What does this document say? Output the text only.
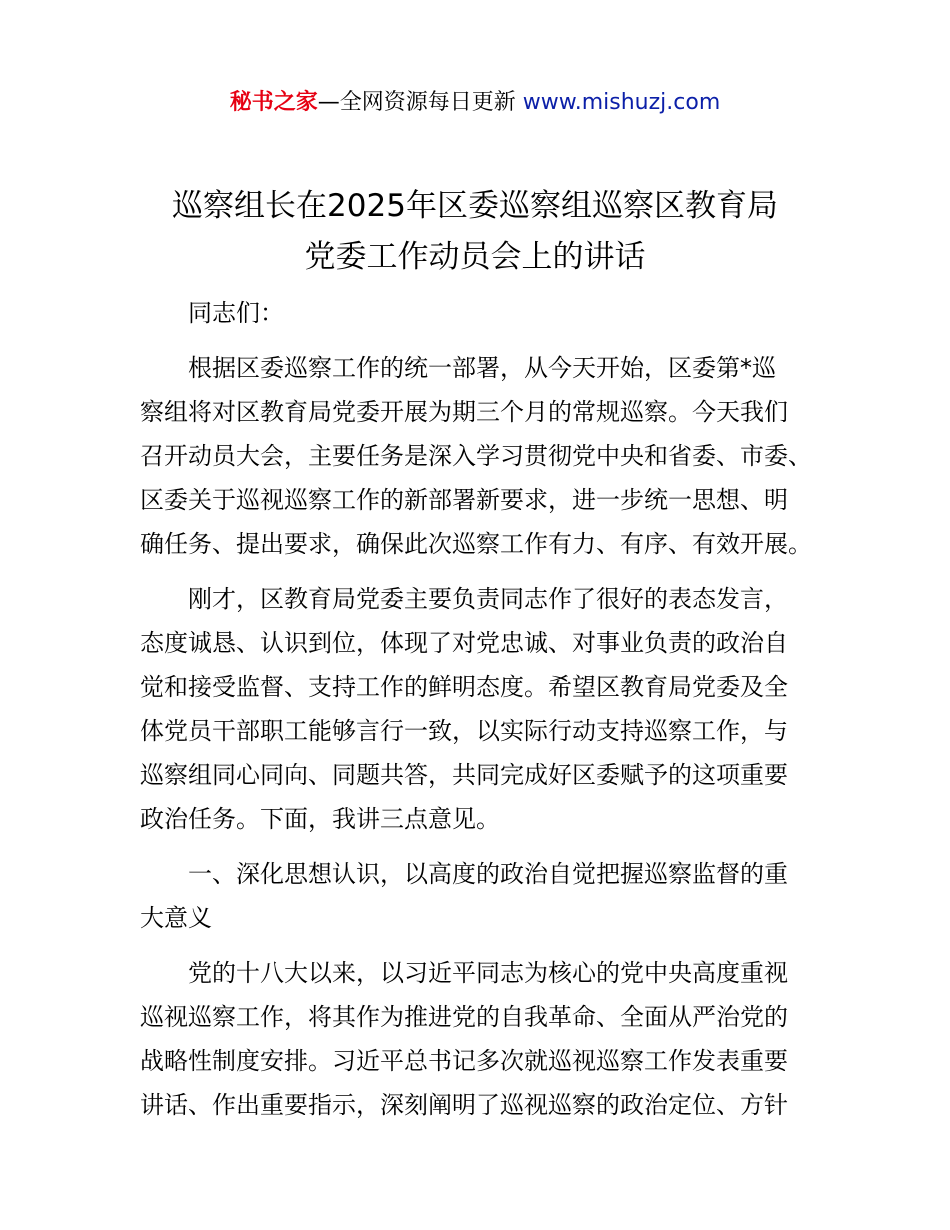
秘书之家—全网资源每日更新 www.mishuzj.com
巡察组长在2025年区委巡察组巡察区教育局
党委工作动员会上的讲话
同志们：
根据区委巡察工作的统一部署，从今天开始，区委第*巡
察组将对区教育局党委开展为期三个月的常规巡察。今天我们
召开动员大会，主要任务是深入学习贯彻党中央和省委、市委、
区委关于巡视巡察工作的新部署新要求，进一步统一思想、明
确任务、提出要求，确保此次巡察工作有力、有序、有效开展。
刚才，区教育局党委主要负责同志作了很好的表态发言，
态度诚恳、认识到位，体现了对党忠诚、对事业负责的政治自
觉和接受监督、支持工作的鲜明态度。希望区教育局党委及全
体党员干部职工能够言行一致，以实际行动支持巡察工作，与
巡察组同心同向、同题共答，共同完成好区委赋予的这项重要
政治任务。下面，我讲三点意见。
一、深化思想认识，以高度的政治自觉把握巡察监督的重
大意义
党的十八大以来，以习近平同志为核心的党中央高度重视
巡视巡察工作，将其作为推进党的自我革命、全面从严治党的
战略性制度安排。习近平总书记多次就巡视巡察工作发表重要
讲话、作出重要指示，深刻阐明了巡视巡察的政治定位、方针
